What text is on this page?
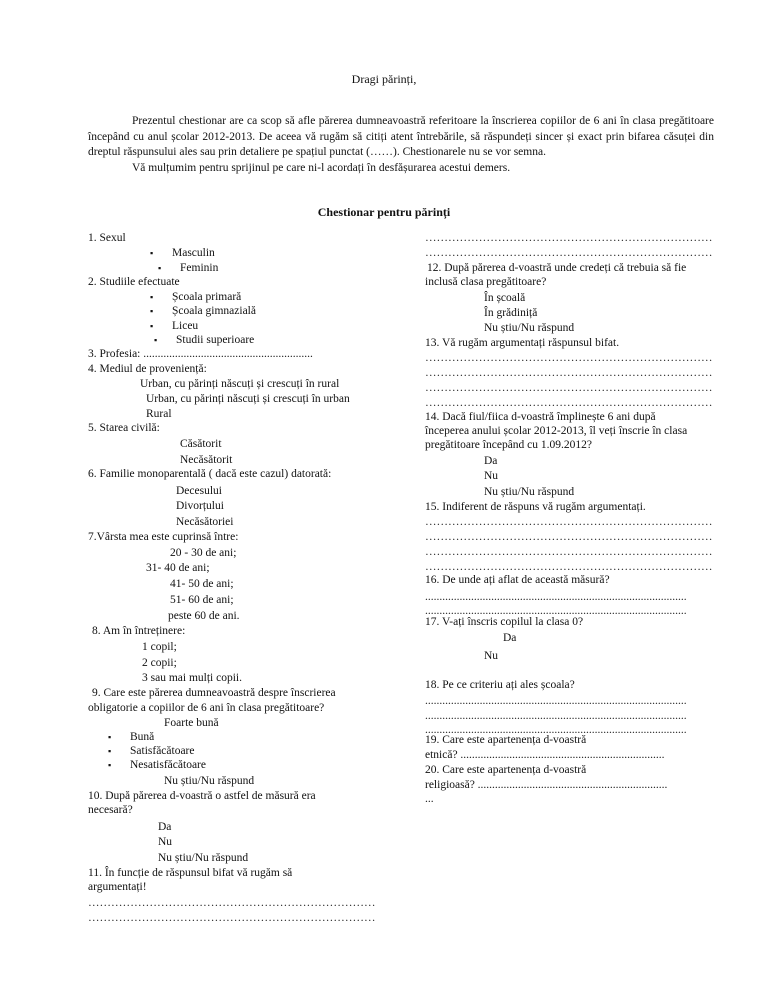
Dragi părinți,

Prezentul chestionar are ca scop să afle părerea dumneavoastră referitoare la înscrierea copiilor de 6 ani în clasa pregătitoare începând cu anul școlar 2012-2013. De aceea vă rugăm să citiți atent întrebările, să răspundeți sincer și exact prin bifarea căsuței din dreptul răspunsului ales sau prin detaliere pe spațiul punctat (……). Chestionarele nu se vor semna.

Vă mulțumim pentru sprijinul pe care ni-l acordați în desfășurarea acestui demers.

Chestionar pentru părinți
1. Sexul
▪ Masculin
▪ Feminin
2. Studiile efectuate
▪ Școala primară
▪ Școala gimnazială
▪ Liceu
▪ Studii superioare
3. Profesia: ...........................................................
4. Mediul de proveniență:
Urban, cu părinți născuți și crescuți în rural
Urban, cu părinți născuți și crescuți în urban
Rural
5. Starea civilă:
Căsătorit
Necăsătorit
6. Familie monoparentală ( dacă este cazul) datorată:
Decesului
Divorțului
Necăsătoriei
7.Vârsta mea este cuprinsă între:
20 - 30 de ani;
31- 40 de ani;
41- 50 de ani;
51- 60 de ani;
peste 60 de ani.
8. Am în întreținere:
1 copil;
2 copii;
3 sau mai mulți copii.
9. Care este părerea dumneavoastră despre înscrierea
obligatorie a copiilor de 6 ani în clasa pregătitoare?
Foarte bună
▪ Bună
▪ Satisfăcătoare
▪ Nesatisfăcătoare
Nu știu/Nu răspund
10. După părerea d-voastră o astfel de măsură era
necesară?
Da
Nu
Nu știu/Nu răspund
11. În funcție de răspunsul bifat vă rugăm să
argumentați!
…………………………………………………………………
…………………………………………………………………
…………………………………………………………………
…………………………………………………………………
12. După părerea d-voastră unde credeți că trebuia să fie
inclusă clasa pregătitoare?
În școală
În grădiniță
Nu știu/Nu răspund
13. Vă rugăm argumentați răspunsul bifat.
…………………………………………………………………
…………………………………………………………………
…………………………………………………………………
…………………………………………………………………
14. Dacă fiul/fiica d-voastră împlinește 6 ani după
începerea anului școlar 2012-2013, îl veți înscrie în clasa
pregătitoare începând cu 1.09.2012?
Da
Nu
Nu știu/Nu răspund
15. Indiferent de răspuns vă rugăm argumentați.
…………………………………………………………………
…………………………………………………………………
…………………………………………………………………
…………………………………………………………………
16. De unde ați aflat de această măsură?
...........................................................................................
...........................................................................................
17. V-ați înscris copilul la clasa 0?
Da
Nu
18. Pe ce criteriu ați ales școala?
...........................................................................................
...........................................................................................
...........................................................................................
19. Care este apartenența d-voastră
etnică? .......................................................................
20. Care este apartenența d-voastră
religioasă? ..................................................................
...
